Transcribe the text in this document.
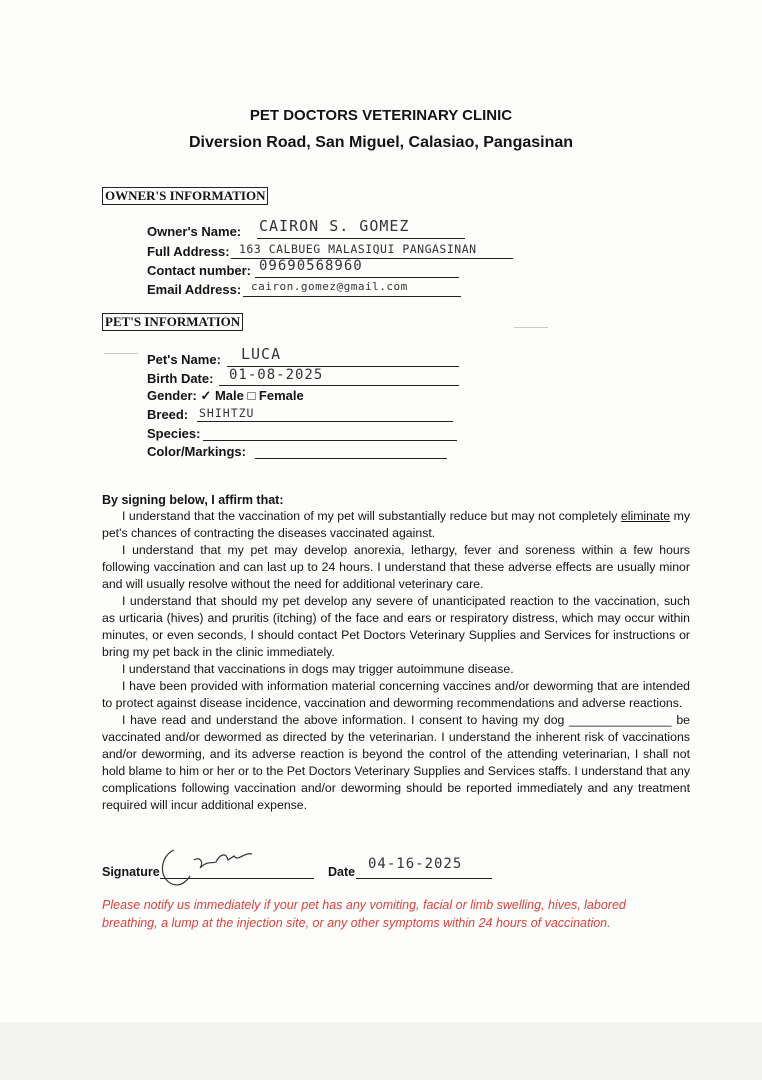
PET DOCTORS VETERINARY CLINIC
Diversion Road, San Miguel, Calasiao, Pangasinan
OWNER'S INFORMATION
Owner's Name: CAIRON S. GOMEZ
Full Address: 163 CALBUEG MALASIQUI PANGASINAN
Contact number: 09690568960
Email Address: cairon.gomez@gmail.com
PET'S INFORMATION
Pet's Name: LUCA
Birth Date: 01-08-2025
Gender: ✓ Male □ Female
Breed: SHIHTZU
Species:
Color/Markings:
By signing below, I affirm that:

I understand that the vaccination of my pet will substantially reduce but may not completely eliminate my pet's chances of contracting the diseases vaccinated against.

I understand that my pet may develop anorexia, lethargy, fever and soreness within a few hours following vaccination and can last up to 24 hours. I understand that these adverse effects are usually minor and will usually resolve without the need for additional veterinary care.

I understand that should my pet develop any severe of unanticipated reaction to the vaccination, such as urticaria (hives) and pruritis (itching) of the face and ears or respiratory distress, which may occur within minutes, or even seconds, I should contact Pet Doctors Veterinary Supplies and Services for instructions or bring my pet back in the clinic immediately.

I understand that vaccinations in dogs may trigger autoimmune disease.

I have been provided with information material concerning vaccines and/or deworming that are intended to protect against disease incidence, vaccination and deworming recommendations and adverse reactions.

I have read and understand the above information. I consent to having my dog _______________ be vaccinated and/or dewormed as directed by the veterinarian. I understand the inherent risk of vaccinations and/or deworming, and its adverse reaction is beyond the control of the attending veterinarian, I shall not hold blame to him or her or to the Pet Doctors Veterinary Supplies and Services staffs. I understand that any complications following vaccination and/or deworming should be reported immediately and any treatment required will incur additional expense.

Signature	Date 04-16-2025
Please notify us immediately if your pet has any vomiting, facial or limb swelling, hives, labored breathing, a lump at the injection site, or any other symptoms within 24 hours of vaccination.
